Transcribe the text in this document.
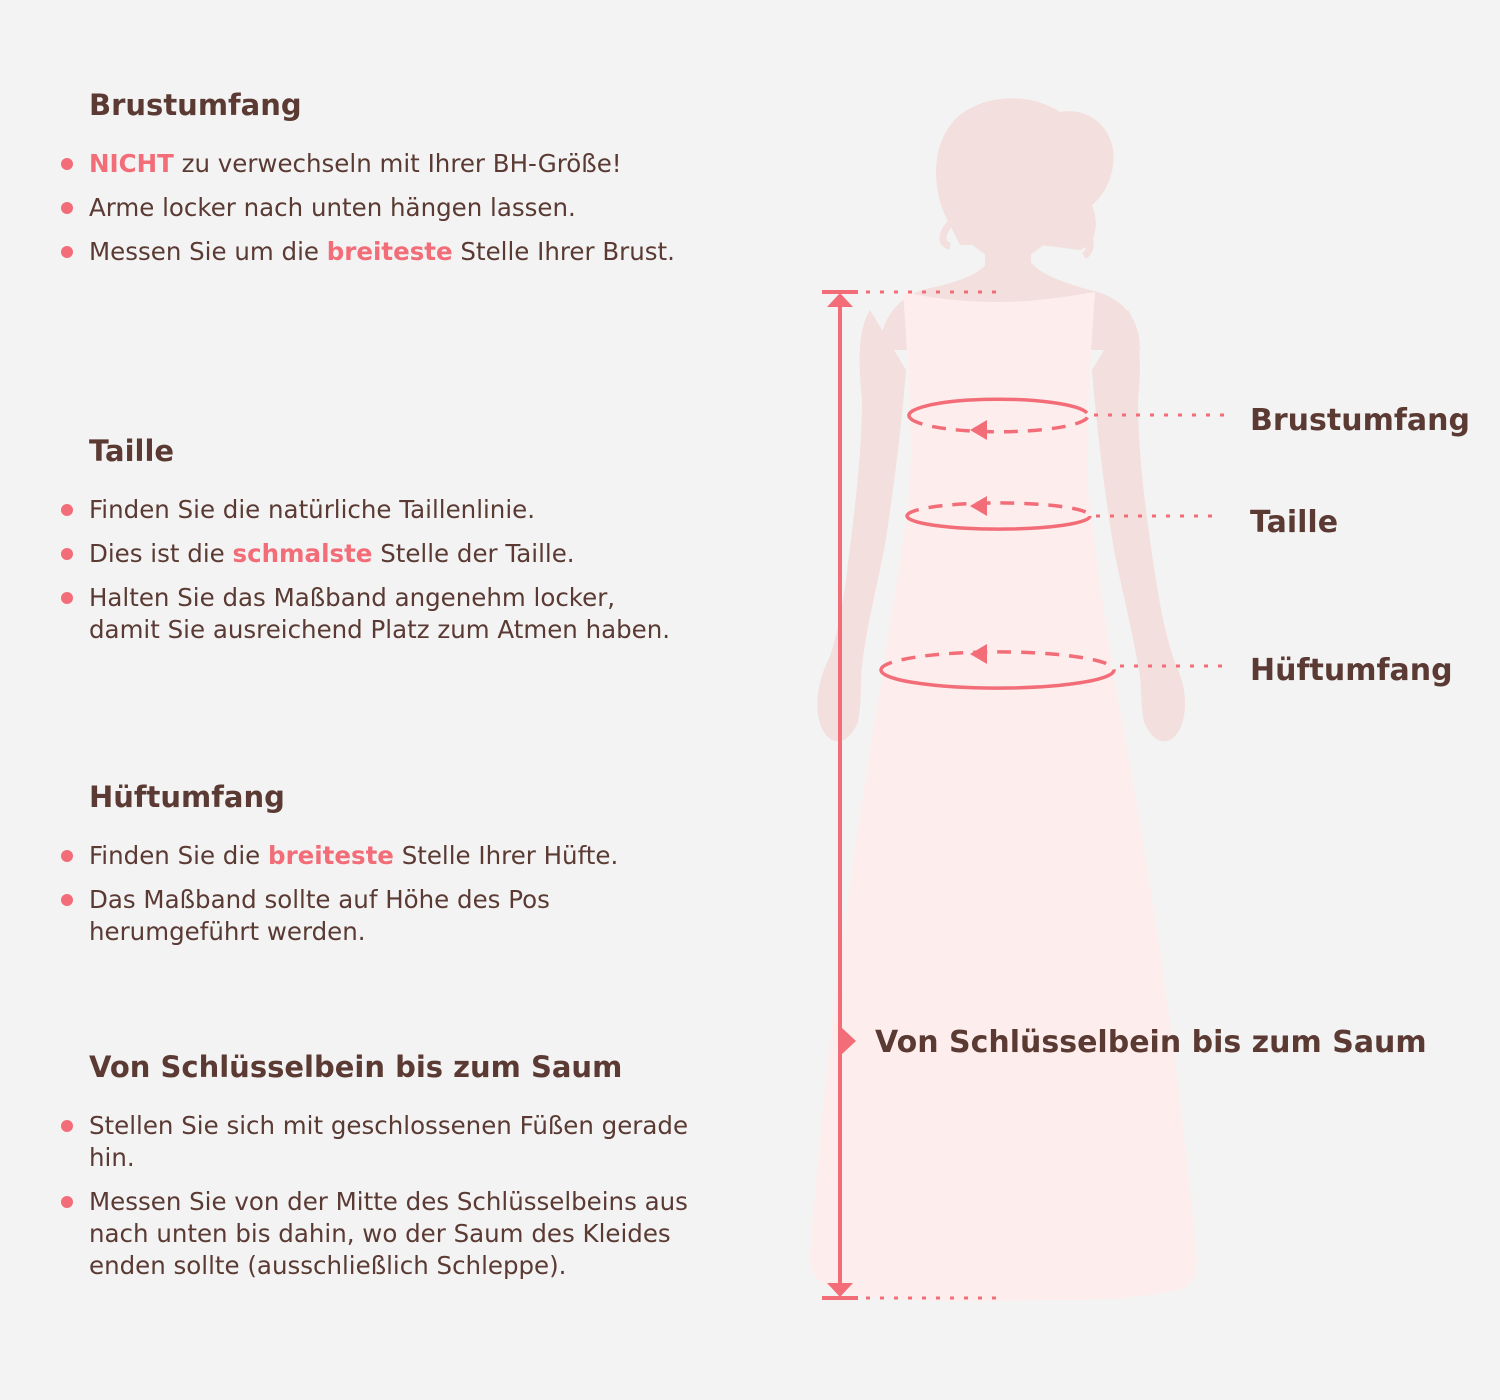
Brustumfang
NICHT zu verwechseln mit Ihrer BH-Größe!
Arme locker nach unten hängen lassen.
Messen Sie um die breiteste Stelle Ihrer Brust.
Taille
Finden Sie die natürliche Taillenlinie.
Dies ist die schmalste Stelle der Taille.
Halten Sie das Maßband angenehm locker, damit Sie ausreichend Platz zum Atmen haben.
Hüftumfang
Finden Sie die breiteste Stelle Ihrer Hüfte.
Das Maßband sollte auf Höhe des Pos herumgeführt werden.
Von Schlüsselbein bis zum Saum
Stellen Sie sich mit geschlossenen Füßen gerade hin.
Messen Sie von der Mitte des Schlüsselbeins aus nach unten bis dahin, wo der Saum des Kleides enden sollte (ausschließlich Schleppe).
Brustumfang
Taille
Hüftumfang
Von Schlüsselbein bis zum Saum
